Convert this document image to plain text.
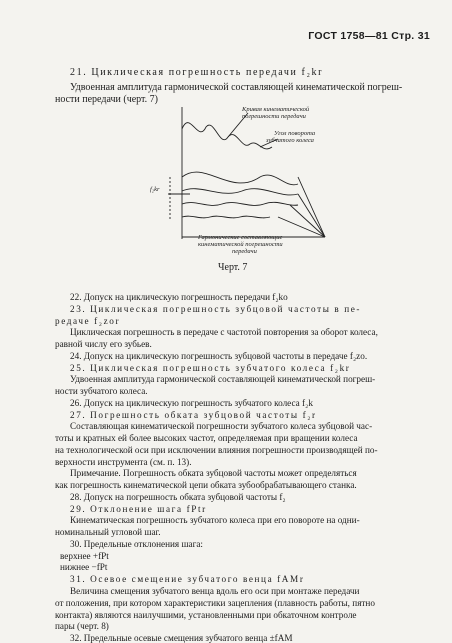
ГОСТ 1758—81 Стр. 31
21. Циклическая погрешность передачи f₂kr
Удвоенная амплитуда гармонической составляющей кинематической погреш-
ности передачи (черт. 7)
Кривая кинематической
погрешности передачи
Угол поворота
зубчатого колеса
Гармонические составляющие
кинематической погрешности
передачи
f₂kr
Черт. 7
22. Допуск на циклическую погрешность передачи f₂ko
23. Циклическая погрешность зубцовой частоты в пе-
редаче f₂zor
Циклическая погрешность в передаче с частотой повторения за оборот колеса,
равной числу его зубьев.
24. Допуск на циклическую погрешность зубцовой частоты в передаче f₂zo.
25. Циклическая погрешность зубчатого колеса f₂kr
Удвоенная амплитуда гармонической составляющей кинематической погреш-
ности зубчатого колеса.
26. Допуск на циклическую погрешность зубчатого колеса f₂k
27. Погрешность обката зубцовой частоты f₂r
Составляющая кинематической погрешности зубчатого колеса зубцовой час-
тоты и кратных ей более высоких частот, определяемая при вращении колеса
на технологической оси при исключении влияния погрешности производящей по-
верхности инструмента (см. п. 13).
Примечание. Погрешность обката зубцовой частоты может определяться
как погрешность кинематической цепи обката зубообрабатывающего станка.
28. Допуск на погрешность обката зубцовой частоты f₂
29. Отклонение шага fPtr
Кинематическая погрешность зубчатого колеса при его повороте на одни-
номинальный угловой шаг.
30. Предельные отклонения шага:
верхнее +fPt
нижнее −fPt
31. Осевое смещение зубчатого венца fAMr
Величина смещения зубчатого венца вдоль его оси при монтаже передачи
от положения, при котором характеристики зацепления (плавность работы, пятно
контакта) являются наилучшими, установленными при обкаточном контроле
пары (черт. 8)
32. Предельные осевые смещения зубчатого венца ±fAM
